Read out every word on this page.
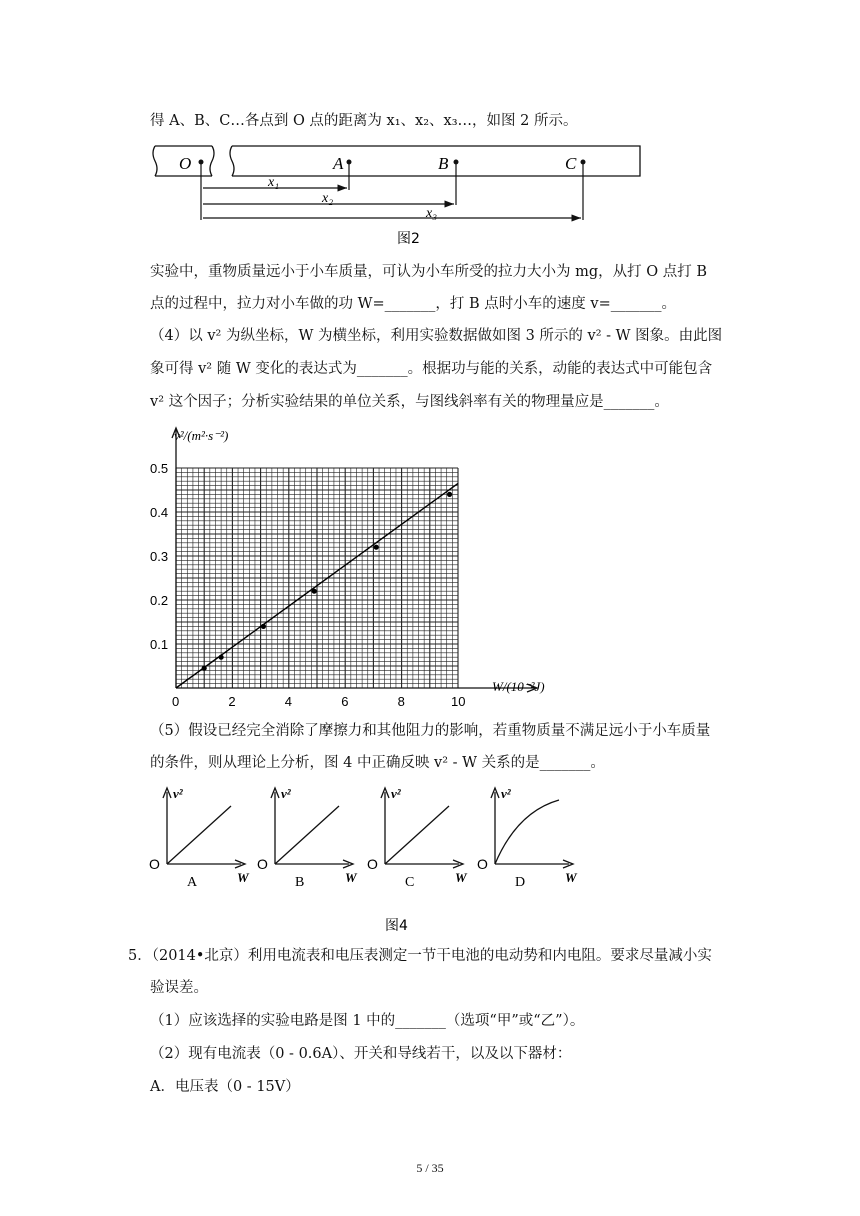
得 A、B、C…各点到 O 点的距离为 x₁、x₂、x₃…，如图 2 所示。
O	A	B	C
x₁
x₂
x₃
图2
实验中，重物质量远小于小车质量，可认为小车所受的拉力大小为 mg，从打 O 点打 B
点的过程中，拉力对小车做的功 W=_______，打 B 点时小车的速度 v=_______。
（4）以 v² 为纵坐标，W 为横坐标，利用实验数据做如图 3 所示的 v² - W 图象。由此图
象可得 v² 随 W 变化的表达式为_______。根据功与能的关系，动能的表达式中可能包含
v² 这个因子；分析实验结果的单位关系，与图线斜率有关的物理量应是_______。
0	2	4	6	8	10
0.1
0.2
0.3
0.4
0.5
v²/(m²·s⁻²)
W/(10⁻²J)
（5）假设已经完全消除了摩擦力和其他阻力的影响，若重物质量不满足远小于小车质量
的条件，则从理论上分析，图 4 中正确反映 v² - W 关系的是_______。
v²
O
W
A
v²
O
W
B
v²
O
W
C
v²
O
W
D
图4
5．（2014•北京）利用电流表和电压表测定一节干电池的电动势和内电阻。要求尽量减小实
验误差。
（1）应该选择的实验电路是图 1 中的_______（选项“甲”或“乙”）。
（2）现有电流表（0 - 0.6A）、开关和导线若干，以及以下器材：
A．电压表（0 - 15V）
5 / 35
